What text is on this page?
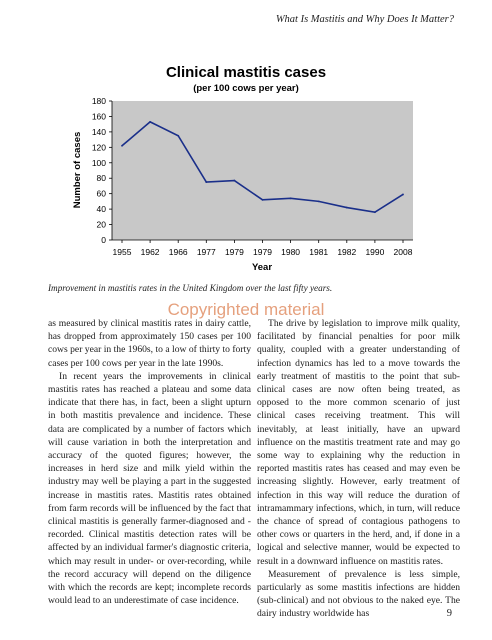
What Is Mastitis and Why Does It Matter?
Clinical mastitis cases
(per 100 cows per year)
0
20
40
60
80
100
120
140
160
180
1955 1962 1966 1977 1979 1979 1980 1981 1982 1990 2008
Number of cases
Year
Improvement in mastitis rates in the United Kingdom over the last fifty years.
Copyrighted material

as measured by clinical mastitis rates in dairy cattle, has dropped from approximately 150 cases per 100 cows per year in the 1960s, to a low of thirty to forty cases per 100 cows per year in the late 1990s.

In recent years the improvements in clinical mastitis rates has reached a plateau and some data indicate that there has, in fact, been a slight upturn in both mastitis prevalence and incidence. These data are complicated by a number of factors which will cause variation in both the interpretation and accuracy of the quoted figures; however, the increases in herd size and milk yield within the industry may well be playing a part in the suggested increase in mastitis rates. Mastitis rates obtained from farm records will be influenced by the fact that clinical mastitis is generally farmer-diagnosed and -recorded. Clinical mastitis detection rates will be affected by an individual farmer's diagnostic criteria, which may result in under- or over-recording, while the record accuracy will depend on the diligence with which the records are kept; incomplete records would lead to an underestimate of case incidence.

The drive by legislation to improve milk quality, facilitated by financial penalties for poor milk quality, coupled with a greater understanding of infection dynamics has led to a move towards the early treatment of mastitis to the point that sub-clinical cases are now often being treated, as opposed to the more common scenario of just clinical cases receiving treatment. This will inevitably, at least initially, have an upward influence on the mastitis treatment rate and may go some way to explaining why the reduction in reported mastitis rates has ceased and may even be increasing slightly. However, early treatment of infection in this way will reduce the duration of intramammary infections, which, in turn, will reduce the chance of spread of contagious pathogens to other cows or quarters in the herd, and, if done in a logical and selective manner, would be expected to result in a downward influence on mastitis rates.

Measurement of prevalence is less simple, particularly as some mastitis infections are hidden (sub-clinical) and not obvious to the naked eye. The dairy industry worldwide has	9
